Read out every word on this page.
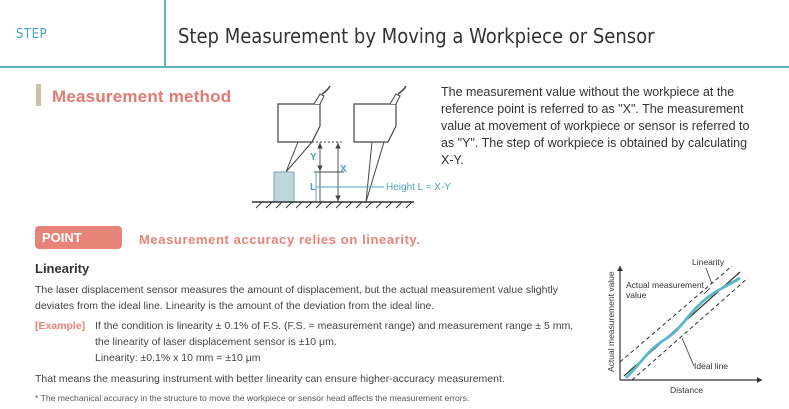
STEP	Step Measurement by Moving a Workpiece or Sensor
Measurement method
Y
X
L	Height L = X-Y
The measurement value without the workpiece at the reference point is referred to as "X". The measurement value at movement of workpiece or sensor is referred to as "Y". The step of workpiece is obtained by calculating X-Y.
POINT	Measurement accuracy relies on linearity.
Linearity
The laser displacement sensor measures the amount of displacement, but the actual measurement value slightly
deviates from the ideal line. Linearity is the amount of the deviation from the ideal line.
[Example] If the condition is linearity ± 0.1% of F.S. (F.S. = measurement range) and measurement range ± 5 mm,
the linearity of laser displacement sensor is ±10 μm.
Linearity: ±0.1% x 10 mm = ±10 μm
That means the measuring instrument with better linearity can ensure higher-accuracy measurement.
* The mechanical accuracy in the structure to move the workpiece or sensor head affects the measurement errors.
Linearity
Actual measurement
value
Ideal line
Distance
Actual measurement value
